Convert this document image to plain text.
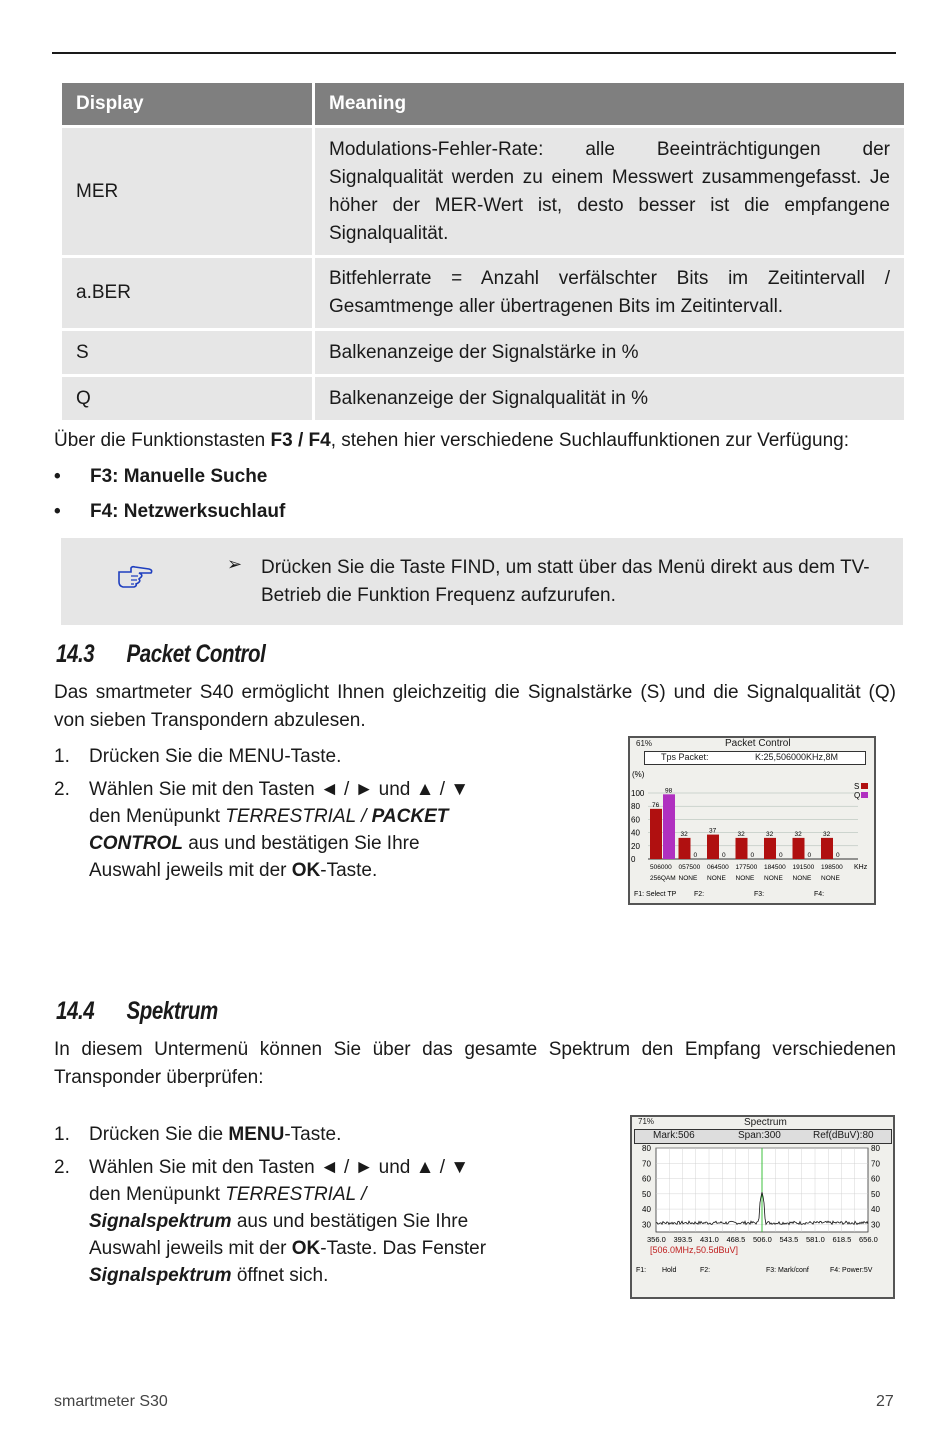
Display	Meaning
MER	Modulations-Fehler-Rate: alle Beeinträchtigungen der Signalqualität werden zu einem Messwert zusammengefasst. Je höher der MER-Wert ist, desto besser ist die empfangene Signalqualität.
a.BER	Bitfehlerrate = Anzahl verfälschter Bits im Zeitintervall / Gesamtmenge aller übertragenen Bits im Zeitintervall.
S	Balkenanzeige der Signalstärke in %
Q	Balkenanzeige der Signalqualität in %
Über die Funktionstasten F3 / F4, stehen hier verschiedene Suchlauffunktionen zur Verfügung:
• F3: Manuelle Suche
• F4: Netzwerksuchlauf
➢ Drücken Sie die Taste FIND, um statt über das Menü direkt aus dem TV-Betrieb die Funktion Frequenz aufzurufen.
14.3 Packet Control
Das smartmeter S40 ermöglicht Ihnen gleichzeitig die Signalstärke (S) und die Signalqualität (Q) von sieben Transpondern abzulesen.
1. Drücken Sie die MENU-Taste.
2. Wählen Sie mit den Tasten ◄ / ► und ▲ / ▼ den Menüpunkt TERRESTRIAL / PACKET CONTROL aus und bestätigen Sie Ihre Auswahl jeweils mit der OK-Taste.
61%	Packet Control
Tps Packet:	K:25,506000KHz,8M
(%)
100
80
60
40
20
0
S
Q
76
98
506000
256QAM
32
0
057500
NONE
37
0
064500
NONE
32
0
177500
NONE
32
0
184500
NONE
32
0
191500
NONE
32
0
198500
NONE
KHz
F1: Select TP	F2:	F3:	F4:
14.4 Spektrum
In diesem Untermenü können Sie über das gesamte Spektrum den Empfang verschiedenen Transponder überprüfen:
1. Drücken Sie die MENU-Taste.
2. Wählen Sie mit den Tasten ◄ / ► und ▲ / ▼ den Menüpunkt TERRESTRIAL / Signalspektrum aus und bestätigen Sie Ihre Auswahl jeweils mit der OK-Taste. Das Fenster Signalspektrum öffnet sich.
71%	Spectrum
Mark:506	Span:300	Ref(dBuV):80
80	80
70	70
60	60
50	50
40	40
30	30
356.0 393.5 431.0 468.5 506.0 543.5 581.0 618.5 656.0
[506.0MHz,50.5dBuV]
F1: Hold	F2:	F3: Mark/conf	F4: Power:5V
smartmeter S30	27
